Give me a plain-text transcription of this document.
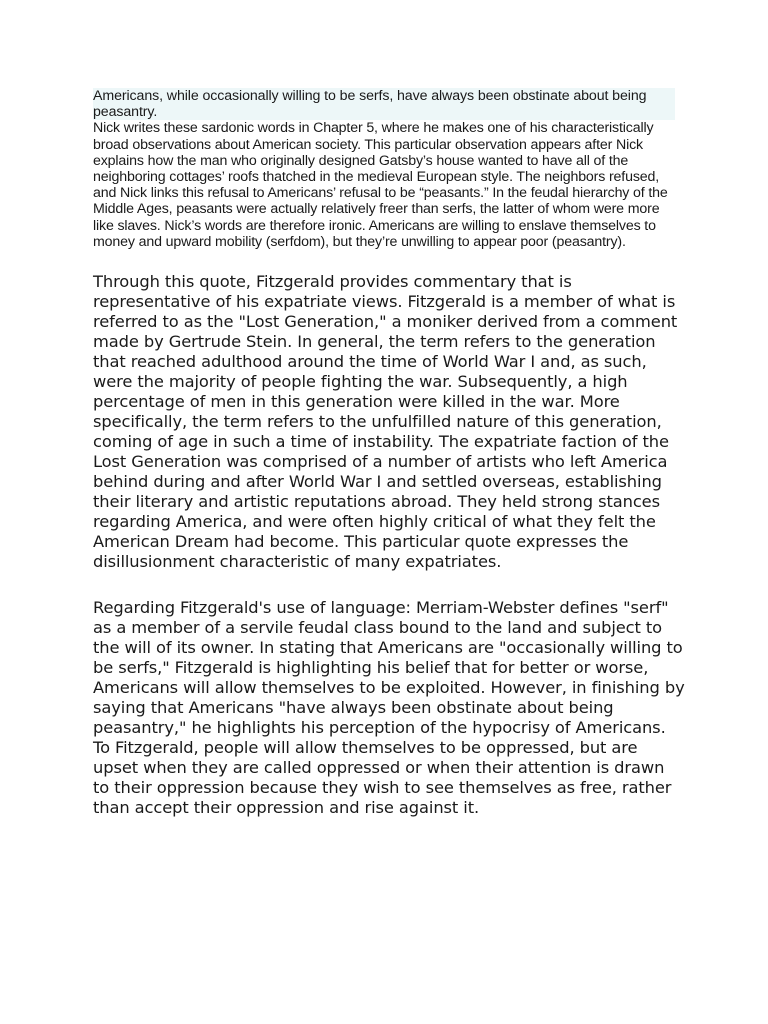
Americans, while occasionally willing to be serfs, have always been obstinate about being peasantry.

Nick writes these sardonic words in Chapter 5, where he makes one of his characteristically broad observations about American society. This particular observation appears after Nick explains how the man who originally designed Gatsby’s house wanted to have all of the neighboring cottages’ roofs thatched in the medieval European style. The neighbors refused, and Nick links this refusal to Americans’ refusal to be “peasants.” In the feudal hierarchy of the Middle Ages, peasants were actually relatively freer than serfs, the latter of whom were more like slaves. Nick’s words are therefore ironic. Americans are willing to enslave themselves to money and upward mobility (serfdom), but they’re unwilling to appear poor (peasantry).

Through this quote, Fitzgerald provides commentary that is representative of his expatriate views. Fitzgerald is a member of what is referred to as the "Lost Generation," a moniker derived from a comment made by Gertrude Stein. In general, the term refers to the generation that reached adulthood around the time of World War I and, as such, were the majority of people fighting the war. Subsequently, a high percentage of men in this generation were killed in the war. More specifically, the term refers to the unfulfilled nature of this generation, coming of age in such a time of instability. The expatriate faction of the Lost Generation was comprised of a number of artists who left America behind during and after World War I and settled overseas, establishing their literary and artistic reputations abroad. They held strong stances regarding America, and were often highly critical of what they felt the American Dream had become. This particular quote expresses the disillusionment characteristic of many expatriates.

Regarding Fitzgerald's use of language: Merriam-Webster defines "serf" as a member of a servile feudal class bound to the land and subject to the will of its owner. In stating that Americans are "occasionally willing to be serfs," Fitzgerald is highlighting his belief that for better or worse, Americans will allow themselves to be exploited. However, in finishing by saying that Americans "have always been obstinate about being peasantry," he highlights his perception of the hypocrisy of Americans. To Fitzgerald, people will allow themselves to be oppressed, but are upset when they are called oppressed or when their attention is drawn to their oppression because they wish to see themselves as free, rather than accept their oppression and rise against it.
